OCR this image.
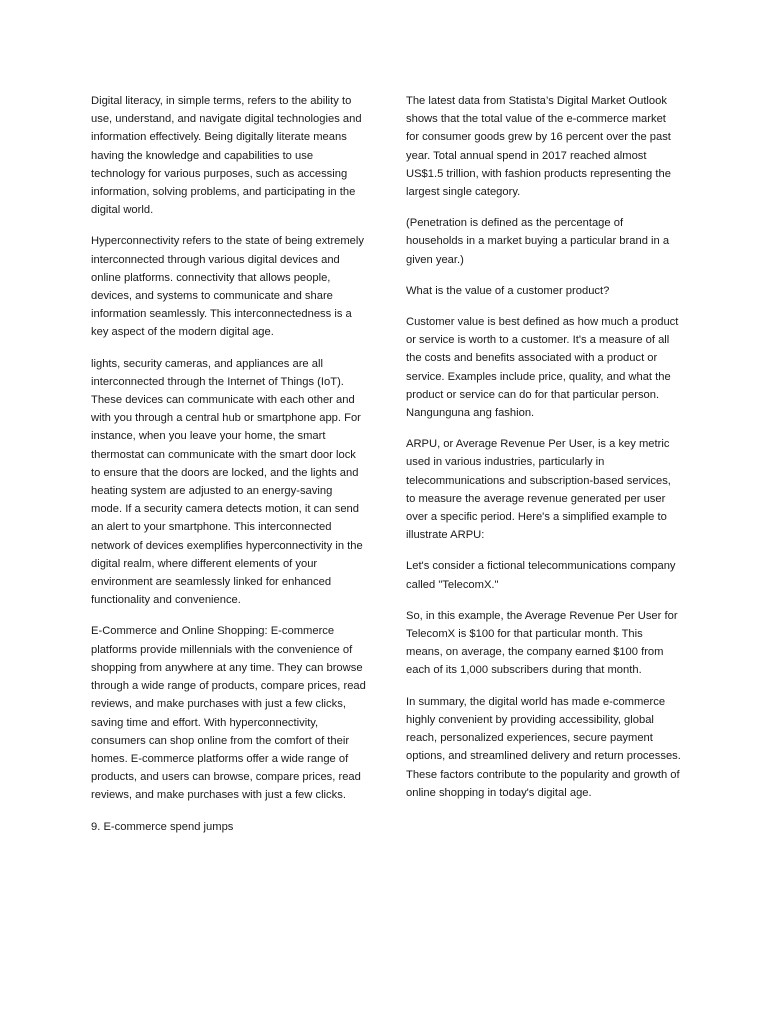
Digital literacy, in simple terms, refers to the ability to use, understand, and navigate digital technologies and information effectively. Being digitally literate means having the knowledge and capabilities to use technology for various purposes, such as accessing information, solving problems, and participating in the digital world.

Hyperconnectivity refers to the state of being extremely interconnected through various digital devices and online platforms. connectivity that allows people, devices, and systems to communicate and share information seamlessly. This interconnectedness is a key aspect of the modern digital age.

lights, security cameras, and appliances are all interconnected through the Internet of Things (IoT). These devices can communicate with each other and with you through a central hub or smartphone app. For instance, when you leave your home, the smart thermostat can communicate with the smart door lock to ensure that the doors are locked, and the lights and heating system are adjusted to an energy-saving mode. If a security camera detects motion, it can send an alert to your smartphone. This interconnected network of devices exemplifies hyperconnectivity in the digital realm, where different elements of your environment are seamlessly linked for enhanced functionality and convenience.

E-Commerce and Online Shopping: E-commerce platforms provide millennials with the convenience of shopping from anywhere at any time. They can browse through a wide range of products, compare prices, read reviews, and make purchases with just a few clicks, saving time and effort. With hyperconnectivity, consumers can shop online from the comfort of their homes. E-commerce platforms offer a wide range of products, and users can browse, compare prices, read reviews, and make purchases with just a few clicks.

9. E-commerce spend jumps

The latest data from Statista’s Digital Market Outlook shows that the total value of the e-commerce market for consumer goods grew by 16 percent over the past year. Total annual spend in 2017 reached almost US$1.5 trillion, with fashion products representing the largest single category.

(Penetration is defined as the percentage of households in a market buying a particular brand in a given year.)

What is the value of a customer product?

Customer value is best defined as how much a product or service is worth to a customer. It's a measure of all the costs and benefits associated with a product or service. Examples include price, quality, and what the product or service can do for that particular person. Nangunguna ang fashion.

ARPU, or Average Revenue Per User, is a key metric used in various industries, particularly in telecommunications and subscription-based services, to measure the average revenue generated per user over a specific period. Here's a simplified example to illustrate ARPU:

Let's consider a fictional telecommunications company called "TelecomX."

So, in this example, the Average Revenue Per User for TelecomX is $100 for that particular month. This means, on average, the company earned $100 from each of its 1,000 subscribers during that month.

In summary, the digital world has made e-commerce highly convenient by providing accessibility, global reach, personalized experiences, secure payment options, and streamlined delivery and return processes. These factors contribute to the popularity and growth of online shopping in today's digital age.
